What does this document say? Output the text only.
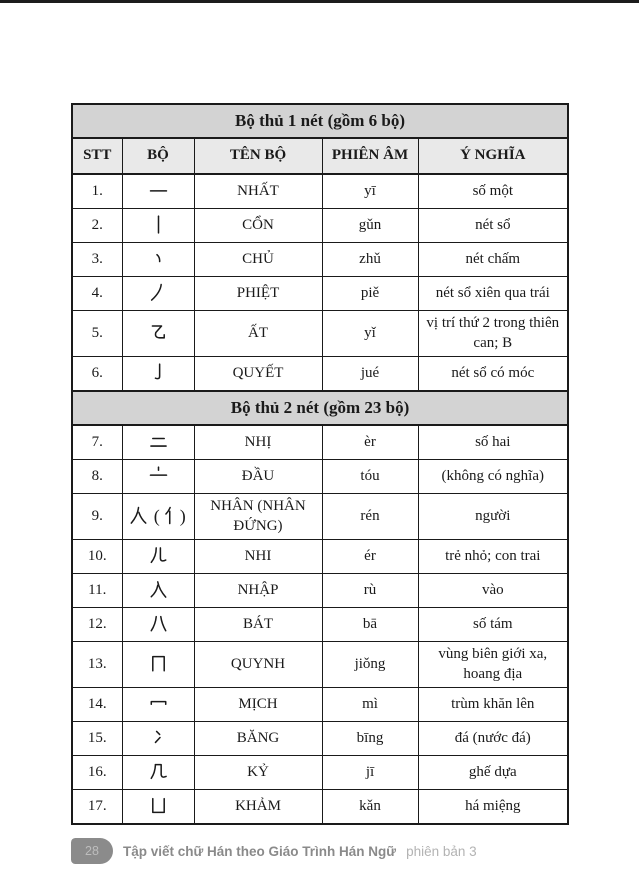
Bộ thủ 1 nét (gồm 6 bộ)				
STT	BỘ	TÊN BỘ	PHIÊN ÂM	Ý NGHĨA
1.		NHẤT	yī	số một
2.		CỔN	gǔn	nét sổ
3.		CHỦ	zhǔ	nét chấm
4.		PHIỆT	piě	nét sổ xiên qua trái
5.		ẤT	yǐ	vị trí thứ 2 trong thiên can; B
6.		QUYẾT	jué	nét sổ có móc
Bộ thủ 2 nét (gồm 23 bộ)				
7.		NHỊ	èr	số hai
8.		ĐẦU	tóu	(không có nghĩa)
9.	( )	NHÂN (NHÂN ĐỨNG)	rén	người
10.		NHI	ér	trẻ nhỏ; con trai
11.		NHẬP	rù	vào
12.		BÁT	bā	số tám
13.		QUYNH	jiǒng	vùng biên giới xa, hoang địa
14.		MỊCH	mì	trùm khăn lên
15.		BĂNG	bīng	đá (nước đá)
16.		KỶ	jī	ghế dựa
17.		KHẢM	kǎn	há miệng
28 Tập viết chữ Hán theo Giáo Trình Hán Ngữ phiên bản 3
